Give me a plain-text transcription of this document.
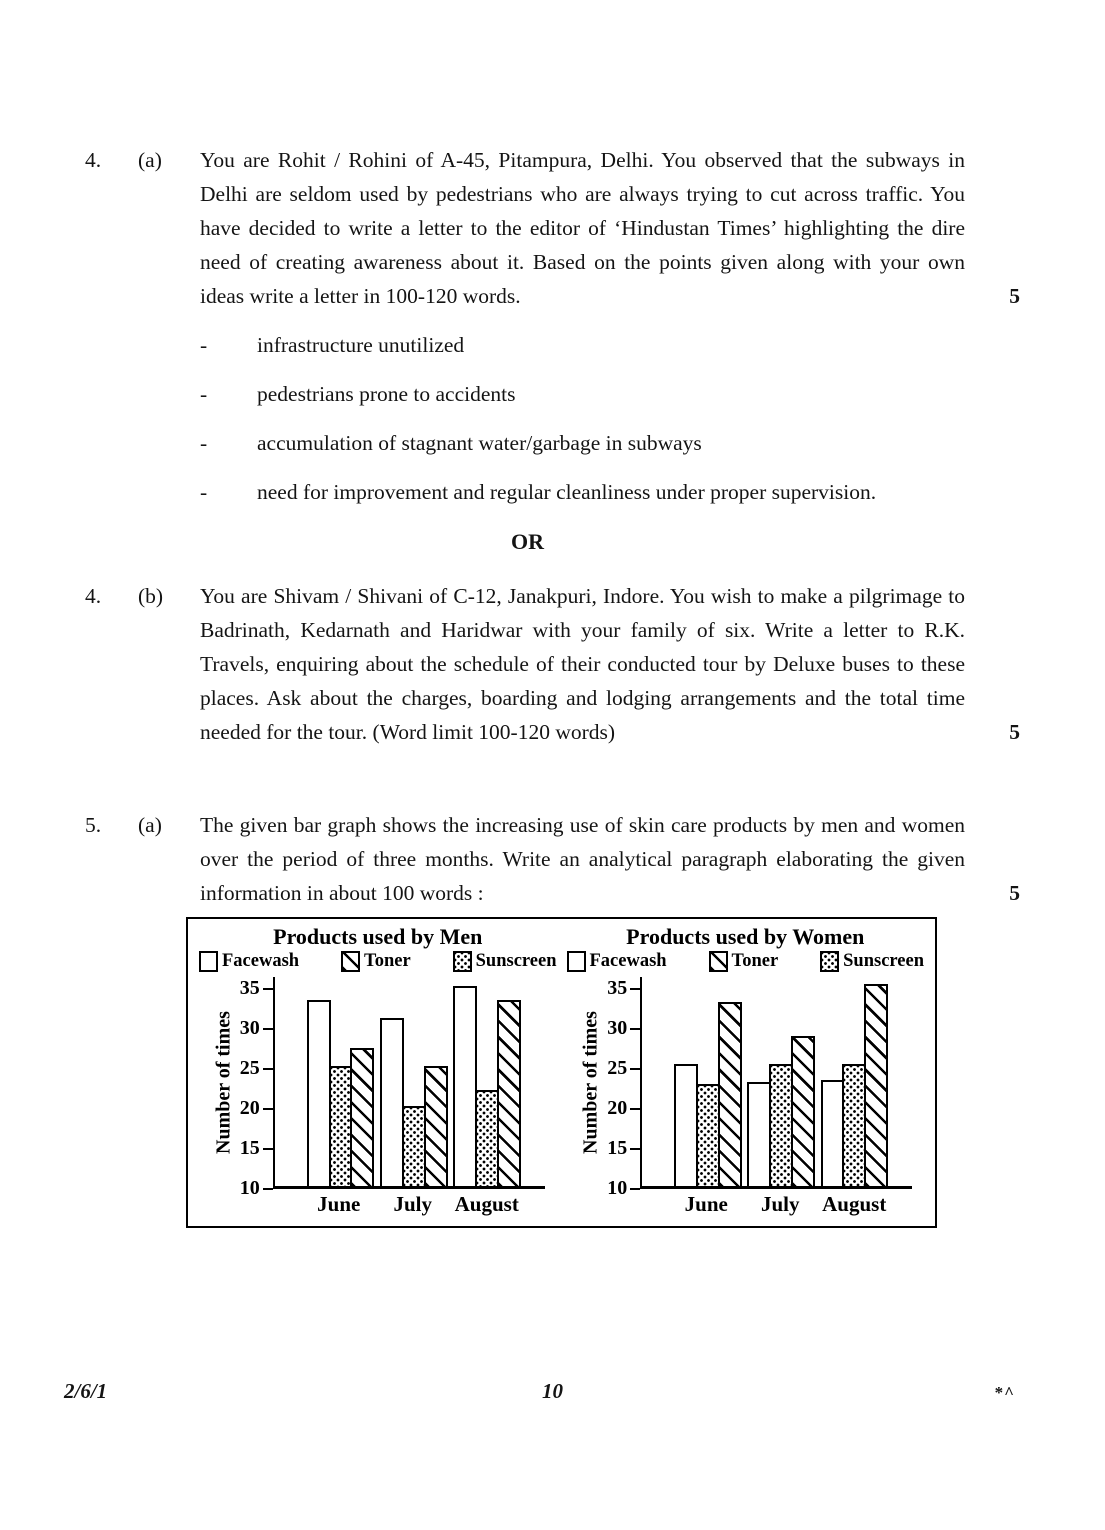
4.	(a)	You are Rohit / Rohini of A-45, Pitampura, Delhi. You observed that the subways in Delhi are seldom used by pedestrians who are always trying to cut across traffic. You have decided to write a letter to the editor of ‘Hindustan Times’ highlighting the dire need of creating awareness about it. Based on the points given along with your own ideas write a letter in 100-120 words.	5
-	infrastructure unutilized
-	pedestrians prone to accidents
-	accumulation of stagnant water/garbage in subways
-	need for improvement and regular cleanliness under proper supervision.
OR
4.	(b)	You are Shivam / Shivani of C-12, Janakpuri, Indore. You wish to make a pilgrimage to Badrinath, Kedarnath and Haridwar with your family of six. Write a letter to R.K. Travels, enquiring about the schedule of their conducted tour by Deluxe buses to these places. Ask about the charges, boarding and lodging arrangements and the total time needed for the tour. (Word limit 100-120 words)	5
5.	(a)	The given bar graph shows the increasing use of skin care products by men and women over the period of three months. Write an analytical paragraph elaborating the given information in about 100 words :	5
Products used by Men
Facewash	Toner	Sunscreen
Number of times
10
15
20
25
30
35
June	July	August
Products used by Women
Facewash	Toner	Sunscreen
Number of times
10
15
20
25
30
35
June	July	August
2/6/1	10	*^
